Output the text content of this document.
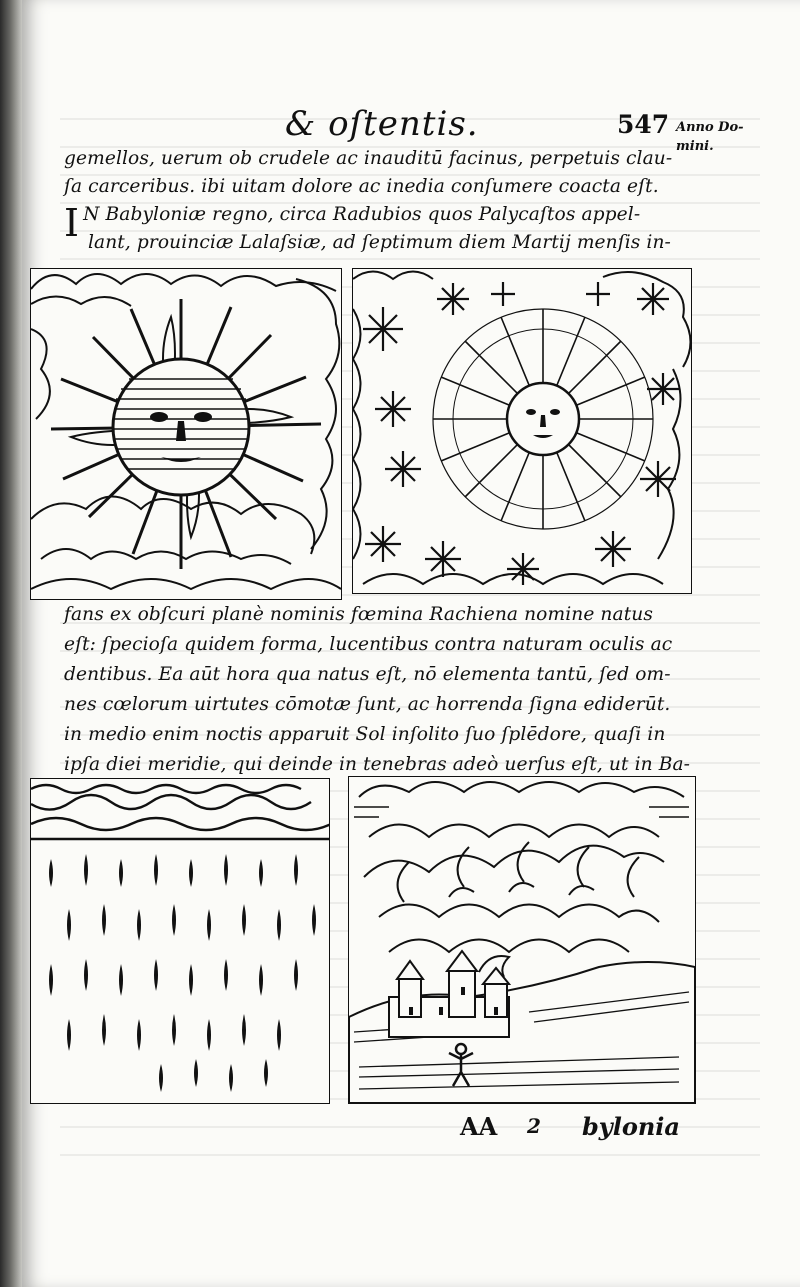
& oſtentis.	547 Anno Do-
mini.
gemellos, uerum ob crudele ac inauditū facinus, perpetuis clau-
ſa carceribus. ibi uitam dolore ac inedia conſumere coacta eſt.
I N Babyloniæ regno, circa Radubios quos Palycaſtos appel-
lant, prouinciæ Lalaſsiæ, ad ſeptimum diem Martij menſis in-
fans ex obſcuri planè nominis fœmina Rachiena nomine natus
eſt: ſpecioſa quidem forma, lucentibus contra naturam oculis ac
dentibus. Ea aūt hora qua natus eſt, nō elementa tantū, ſed om-
nes cœlorum uirtutes cōmotæ ſunt, ac horrenda ſigna ediderūt.
in medio enim noctis apparuit Sol inſolito ſuo ſplēdore, quaſi in
ipſa diei meridie, qui deinde in tenebras adeò uerſus eſt, ut in Ba-
AA 2 bylonia
